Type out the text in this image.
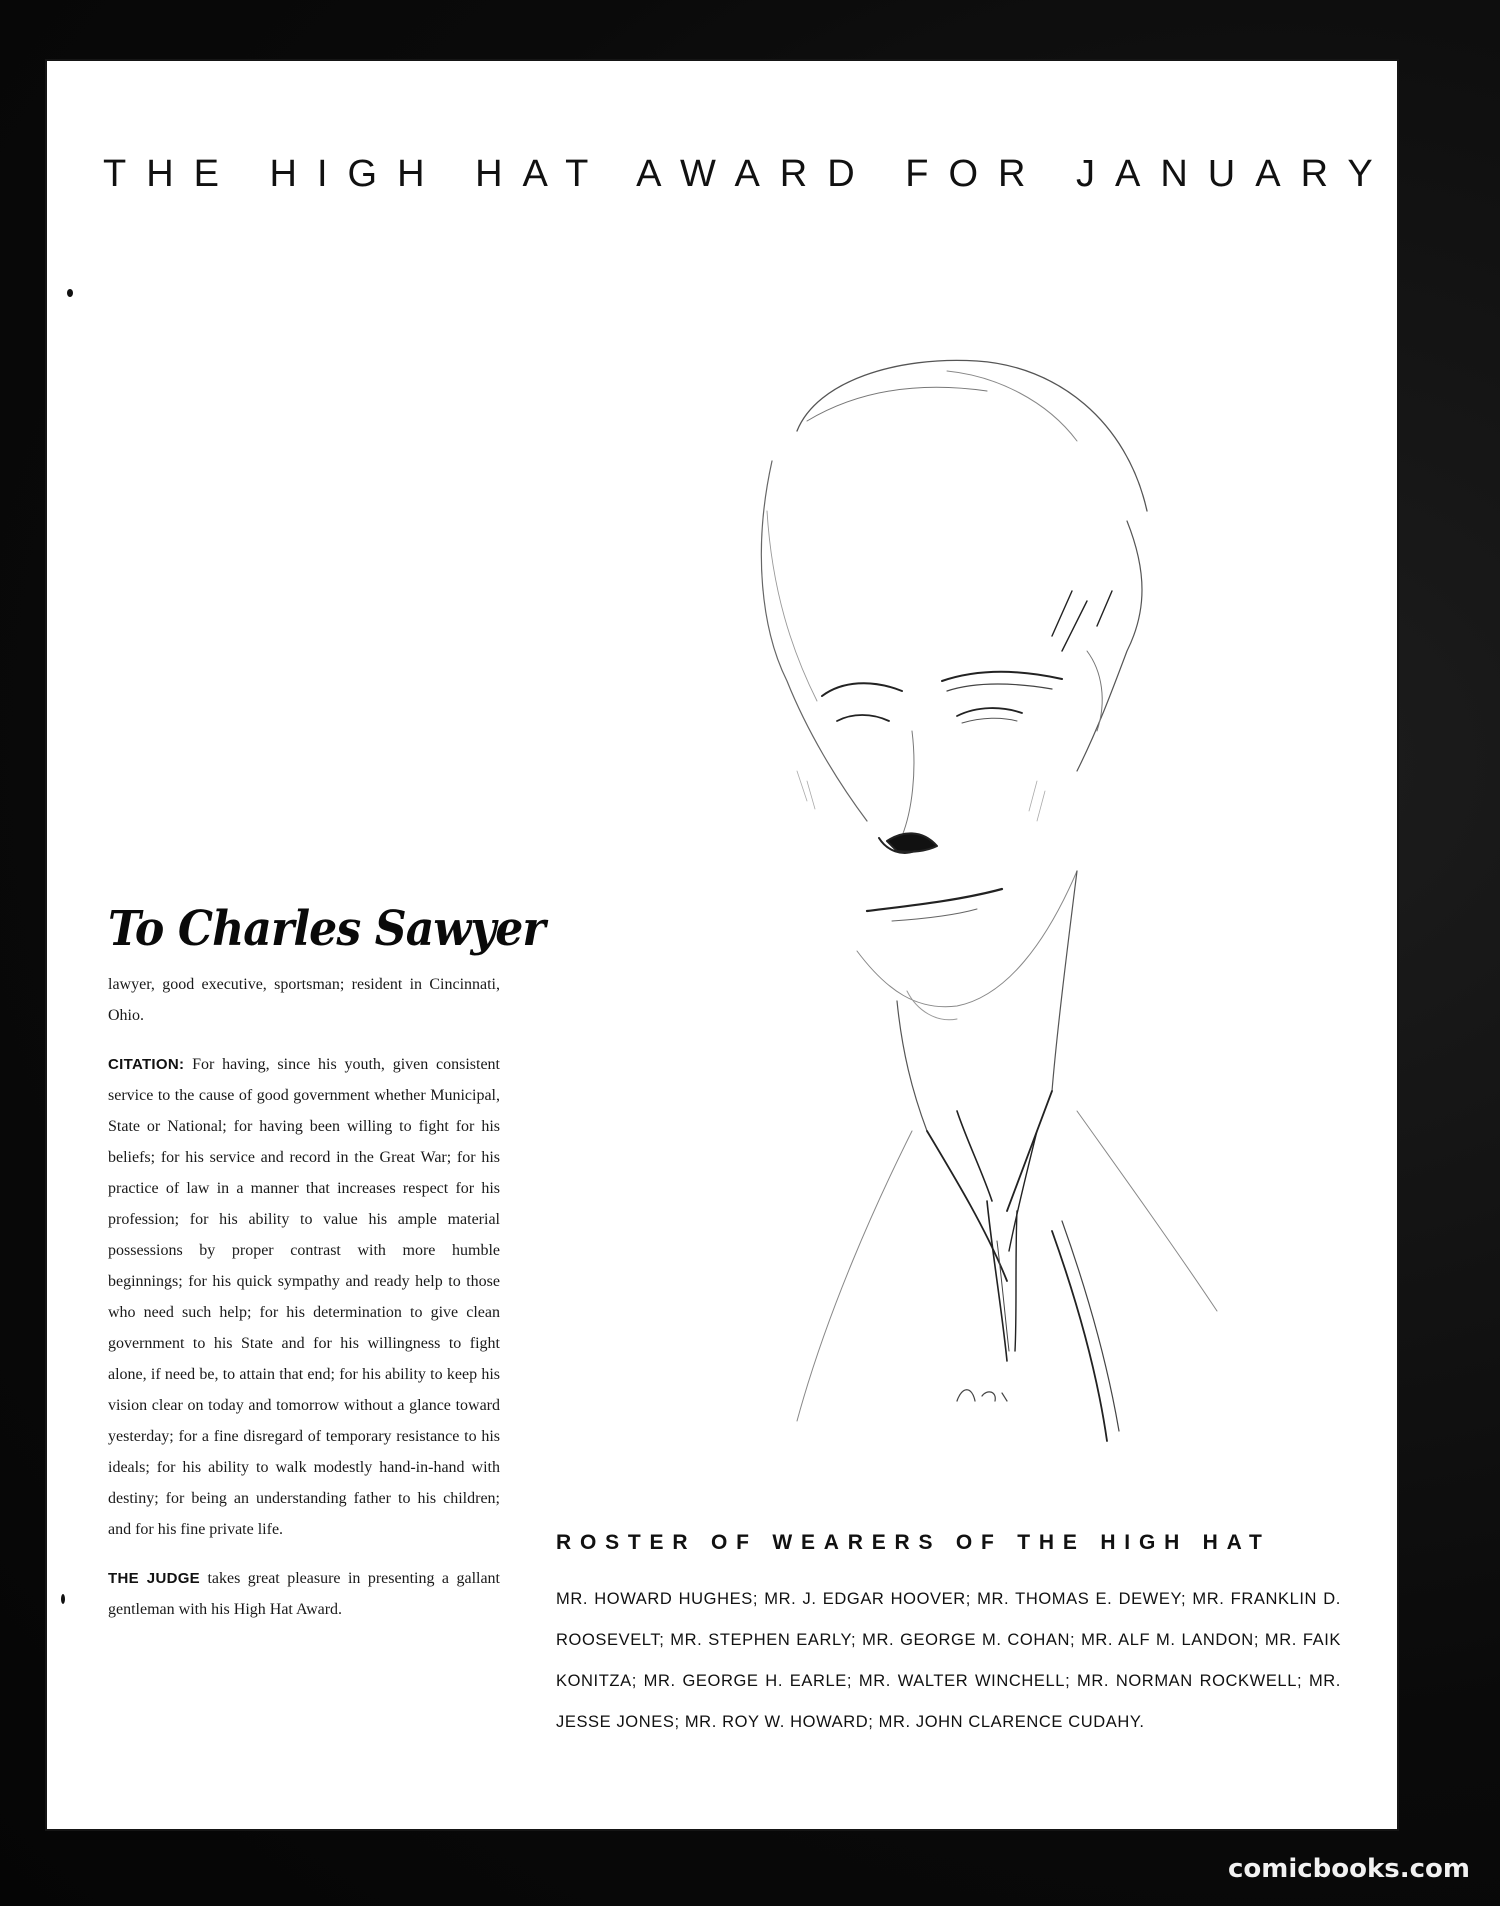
THE HIGH HAT AWARD FOR JANUARY
To Charles Sawyer

lawyer, good executive, sportsman; resident in Cincinnati, Ohio.

CITATION: For having, since his youth, given consistent service to the cause of good government whether Municipal, State or National; for having been willing to fight for his beliefs; for his service and record in the Great War; for his practice of law in a manner that increases respect for his profession; for his ability to value his ample material possessions by proper contrast with more humble beginnings; for his quick sympathy and ready help to those who need such help; for his determination to give clean government to his State and for his willingness to fight alone, if need be, to attain that end; for his ability to keep his vision clear on today and tomorrow without a glance toward yesterday; for a fine disregard of temporary resistance to his ideals; for his ability to walk modestly hand-in-hand with destiny; for being an understanding father to his children; and for his fine private life.

THE JUDGE takes great pleasure in presenting a gallant gentleman with his High Hat Award.

ROSTER OF WEARERS OF THE HIGH HAT
MR. HOWARD HUGHES; MR. J. EDGAR HOOVER; MR. THOMAS E. DEWEY; MR. FRANKLIN D. ROOSEVELT; MR. STEPHEN EARLY; MR. GEORGE M. COHAN; MR. ALF M. LANDON; MR. FAIK KONITZA; MR. GEORGE H. EARLE; MR. WALTER WINCHELL; MR. NORMAN ROCKWELL; MR. JESSE JONES; MR. ROY W. HOWARD; MR. JOHN CLARENCE CUDAHY.
comicbooks.com
